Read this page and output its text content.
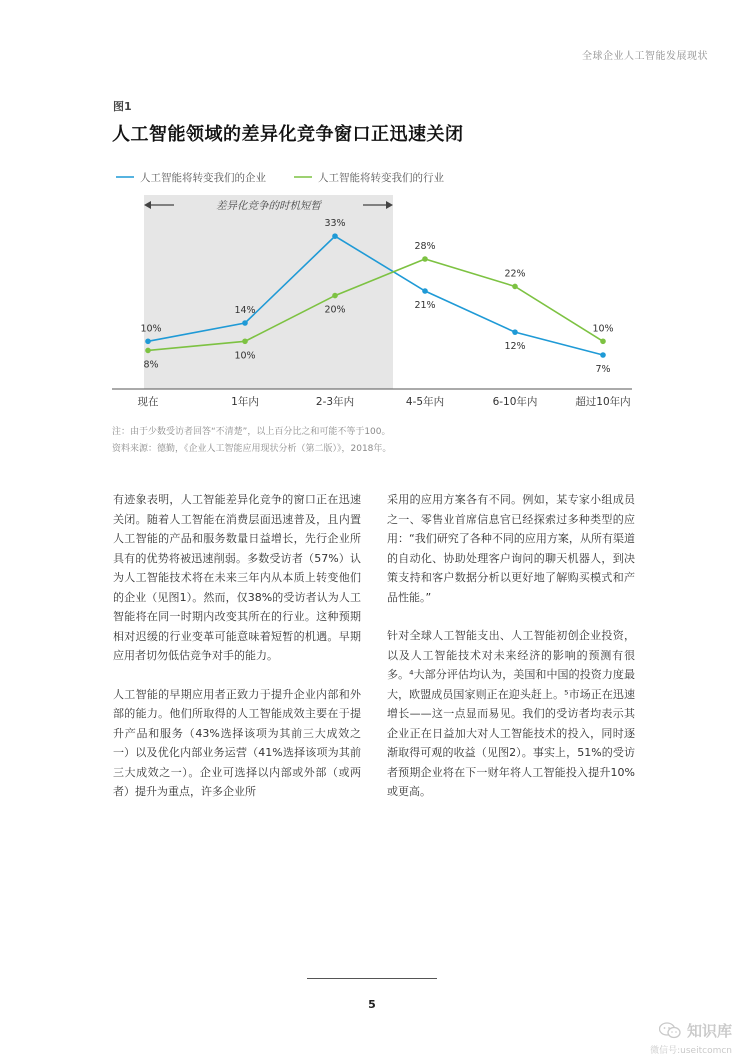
全球企业人工智能发展现状
图1
人工智能领域的差异化竞争窗口正迅速关闭
差异化竞争的时机短暂
现在	1年内	2-3年内	4-5年内	6-10年内	超过10年内
人工智能将转变我们的企业	人工智能将转变我们的行业
10%
14%
33%
21%
12%
7%
8%
10%
20%
28%
22%
10%
注：由于少数受访者回答“不清楚”，以上百分比之和可能不等于100。
资料来源：德勤，《企业人工智能应用现状分析（第二版）》，2018年。

有迹象表明，人工智能差异化竞争的窗口正在迅速关闭。随着人工智能在消费层面迅速普及，且内置人工智能的产品和服务数量日益增长，先行企业所具有的优势将被迅速削弱。多数受访者（57%）认为人工智能技术将在未来三年内从本质上转变他们的企业（见图1）。然而，仅38%的受访者认为人工智能将在同一时期内改变其所在的行业。这种预期相对迟缓的行业变革可能意味着短暂的机遇。早期应用者切勿低估竞争对手的能力。

人工智能的早期应用者正致力于提升企业内部和外部的能力。他们所取得的人工智能成效主要在于提升产品和服务（43%选择该项为其前三大成效之一）以及优化内部业务运营（41%选择该项为其前三大成效之一）。企业可选择以内部或外部（或两者）提升为重点，许多企业所

采用的应用方案各有不同。例如，某专家小组成员之一、零售业首席信息官已经探索过多种类型的应用：“我们研究了各种不同的应用方案，从所有渠道的自动化、协助处理客户询问的聊天机器人，到决策支持和客户数据分析以更好地了解购买模式和产品性能。”

针对全球人工智能支出、人工智能初创企业投资，以及人工智能技术对未来经济的影响的预测有很多。⁴大部分评估均认为，美国和中国的投资力度最大，欧盟成员国家则正在迎头赶上。⁵市场正在迅速增长——这一点显而易见。我们的受访者均表示其企业正在日益加大对人工智能技术的投入，同时逐渐取得可观的收益（见图2）。事实上，51%的受访者预期企业将在下一财年将人工智能投入提升10%或更高。

5
知识库
微信号:useitcomcn
